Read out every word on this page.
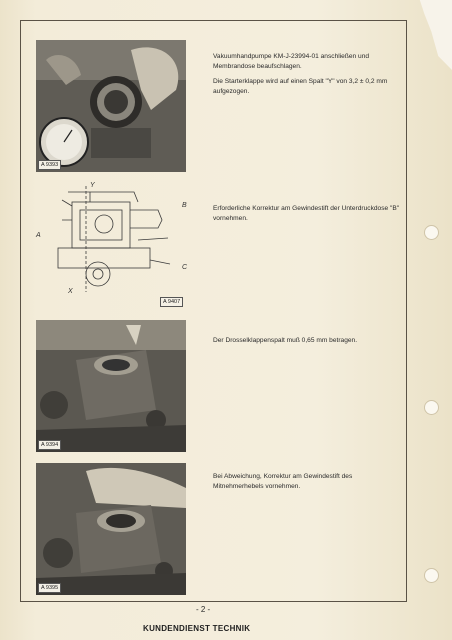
A 9393

Vakuumhandpumpe KM-J-23994-01 anschließen und Membrandose beaufschlagen.

Die Starterklappe wird auf einen Spalt "Y" von 3,2 ± 0,2 mm aufgezogen.

Y
A
B
C
X
A 9407

Erforderliche Korrektur am Gewindestift der Unterdruckdose "B" vornehmen.

A 9394

Der Drosselklappenspalt muß 0,65 mm betragen.

A 9395

Bei Abweichung, Korrektur am Gewindestift des Mitnehmerhebels vornehmen.

- 2 -
KUNDENDIENST TECHNIK
